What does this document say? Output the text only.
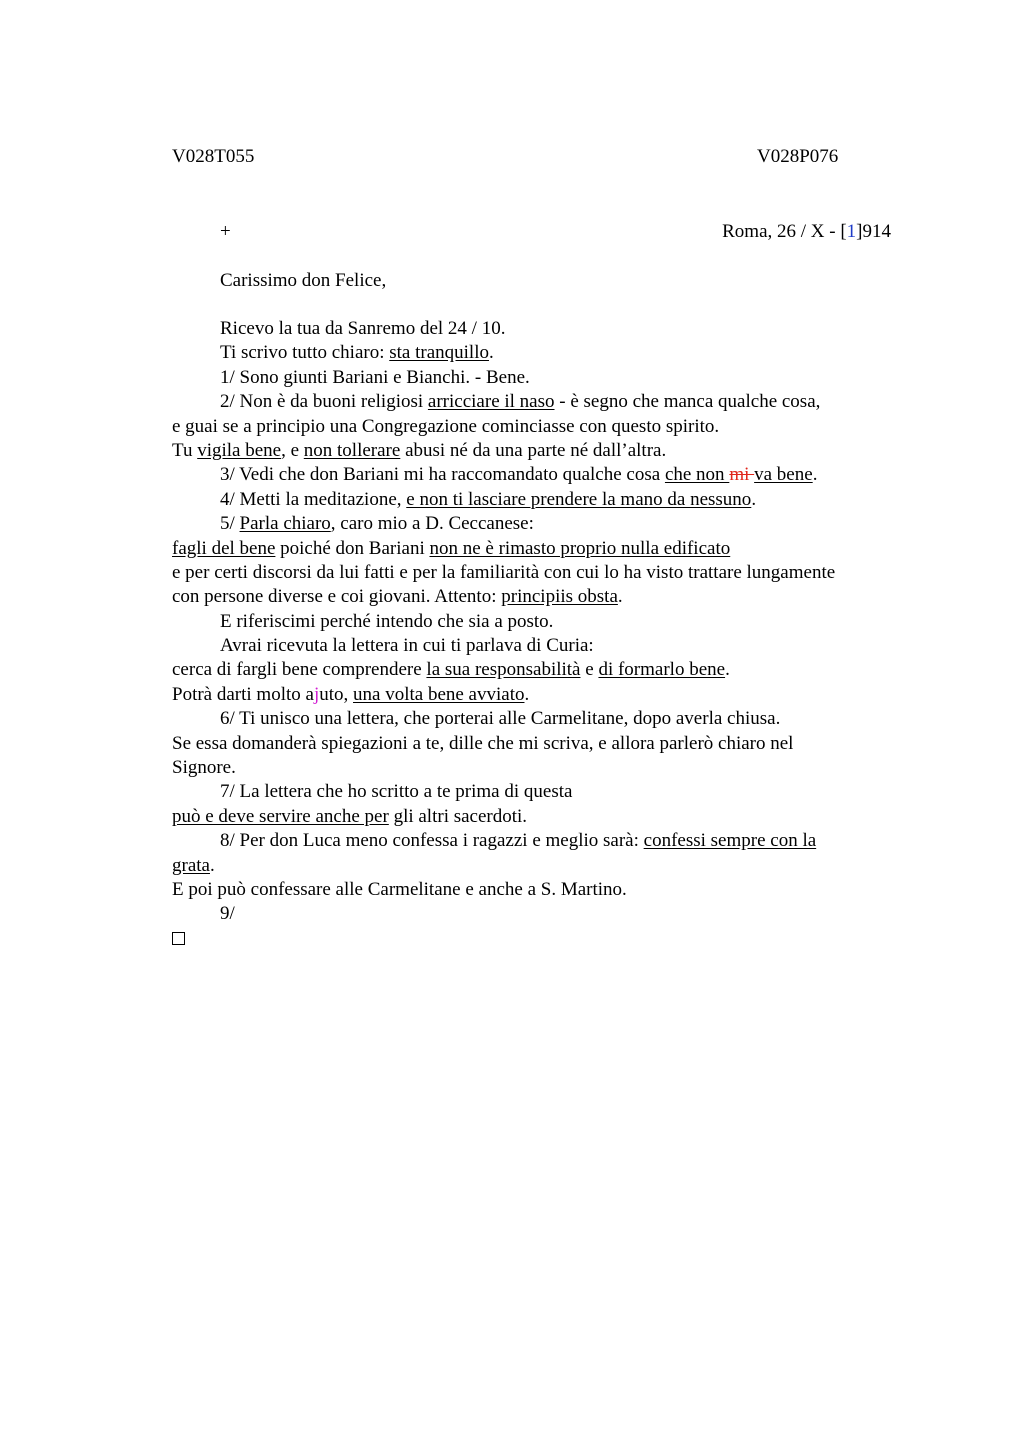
V028T055	V028P076
+	Roma, 26 / X - [1]914
Carissimo don Felice,
Ricevo la tua da Sanremo del 24 / 10.
Ti scrivo tutto chiaro: sta tranquillo.
1/ Sono giunti Bariani e Bianchi. - Bene.
2/ Non è da buoni religiosi arricciare il naso - è segno che manca qualche cosa,
e guai se a principio una Congregazione cominciasse con questo spirito.
Tu vigila bene, e non tollerare abusi né da una parte né dall’altra.
3/ Vedi che don Bariani mi ha raccomandato qualche cosa che non mi va bene.
4/ Metti la meditazione, e non ti lasciare prendere la mano da nessuno.
5/ Parla chiaro, caro mio a D. Ceccanese:
fagli del bene poiché don Bariani non ne è rimasto proprio nulla edificato
e per certi discorsi da lui fatti e per la familiarità con cui lo ha visto trattare lungamente
con persone diverse e coi giovani. Attento: principiis obsta.
E riferiscimi perché intendo che sia a posto.
Avrai ricevuta la lettera in cui ti parlava di Curia:
cerca di fargli bene comprendere la sua responsabilità e di formarlo bene.
Potrà darti molto ajuto, una volta bene avviato.
6/ Ti unisco una lettera, che porterai alle Carmelitane, dopo averla chiusa.
Se essa domanderà spiegazioni a te, dille che mi scriva, e allora parlerò chiaro nel
Signore.
7/ La lettera che ho scritto a te prima di questa
può e deve servire anche per gli altri sacerdoti.
8/ Per don Luca meno confessa i ragazzi e meglio sarà: confessi sempre con la
grata.
E poi può confessare alle Carmelitane e anche a S. Martino.
9/
